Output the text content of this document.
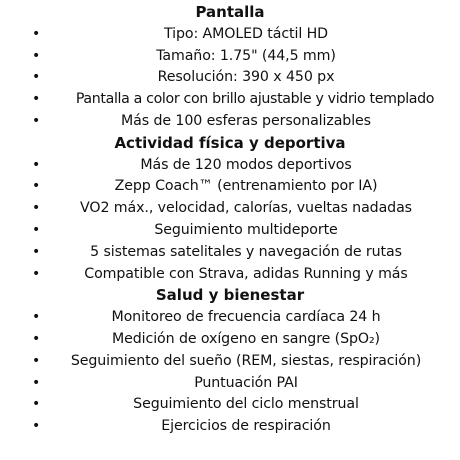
Pantalla
•	Tipo: AMOLED táctil HD
•	Tamaño: 1.75" (44,5 mm)
•	Resolución: 390 x 450 px
•	Pantalla a color con brillo ajustable y vidrio templado
•	Más de 100 esferas personalizables
Actividad física y deportiva
•	Más de 120 modos deportivos
•	Zepp Coach™ (entrenamiento por IA)
•	VO2 máx., velocidad, calorías, vueltas nadadas
•	Seguimiento multideporte
•	5 sistemas satelitales y navegación de rutas
•	Compatible con Strava, adidas Running y más
Salud y bienestar
•	Monitoreo de frecuencia cardíaca 24 h
•	Medición de oxígeno en sangre (SpO₂)
•	Seguimiento del sueño (REM, siestas, respiración)
•	Puntuación PAI
•	Seguimiento del ciclo menstrual
•	Ejercicios de respiración
